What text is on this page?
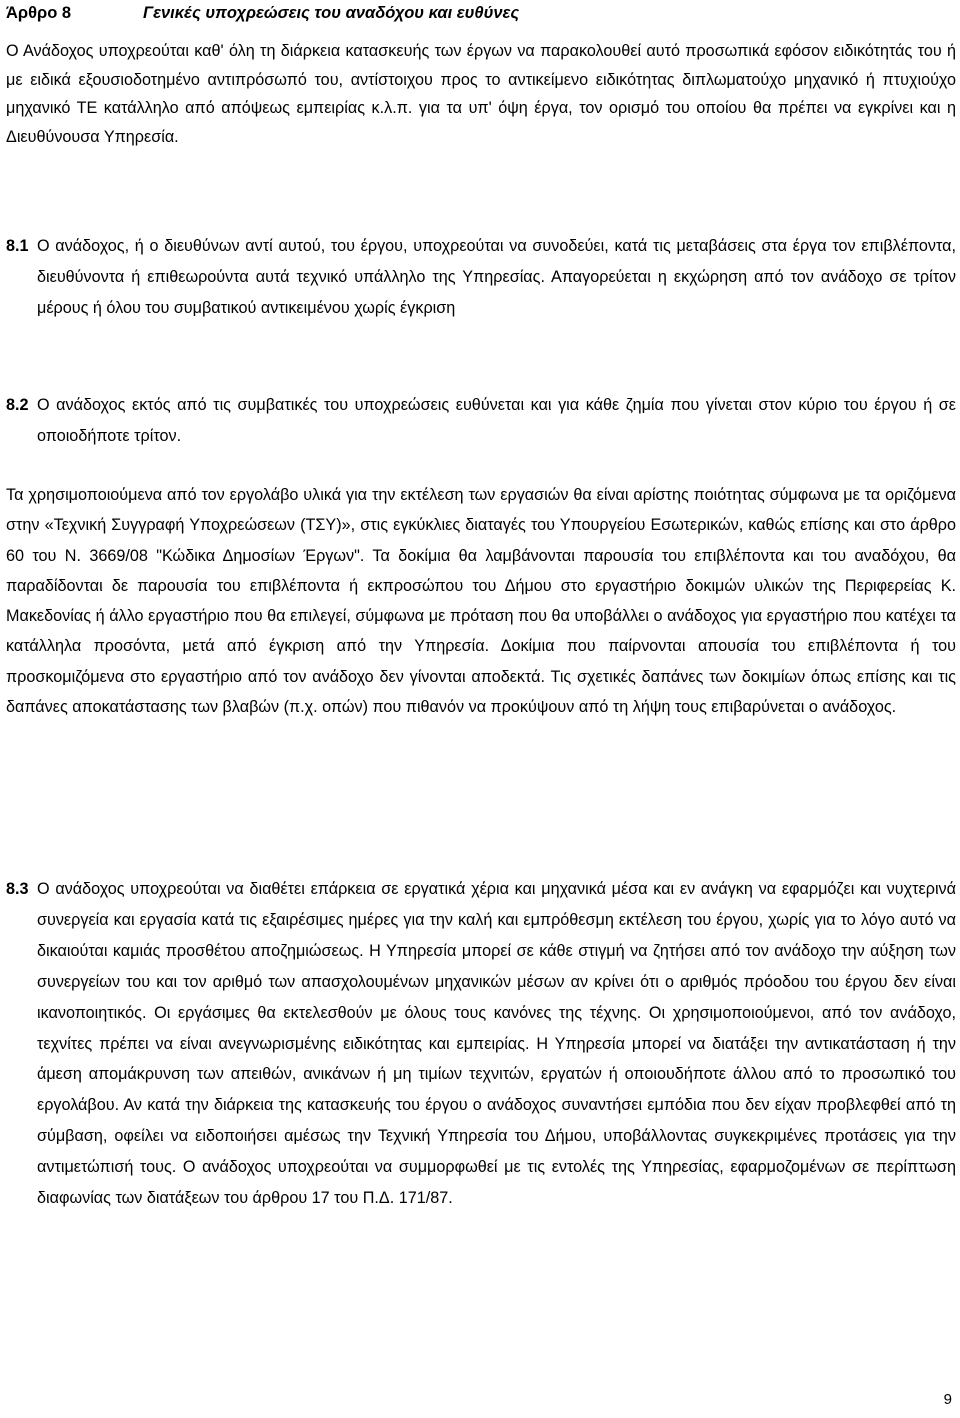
Άρθρο 8	Γενικές υποχρεώσεις του αναδόχου και ευθύνες

Ο Ανάδοχος υποχρεούται καθ' όλη τη διάρκεια κατασκευής των έργων να παρακολουθεί αυτό προσωπικά εφόσον ειδικότητάς του ή με ειδικά εξουσιοδοτημένο αντιπρόσωπό του, αντίστοιχου προς το αντικείμενο ειδικότητας διπλωματούχο μηχανικό ή πτυχιούχο μηχανικό ΤΕ κατάλληλο από απόψεως εμπειρίας κ.λ.π. για τα υπ' όψη έργα, τον ορισμό του οποίου θα πρέπει να εγκρίνει και η Διευθύνουσα Υπηρεσία.

8.1 Ο ανάδοχος, ή ο διευθύνων αντί αυτού, του έργου, υποχρεούται να συνοδεύει, κατά τις μεταβάσεις στα έργα τον επιβλέποντα, διευθύνοντα ή επιθεωρούντα αυτά τεχνικό υπάλληλο της Υπηρεσίας. Απαγορεύεται η εκχώρηση από τον ανάδοχο σε τρίτον μέρους ή όλου του συμβατικού αντικειμένου χωρίς έγκριση
8.2 Ο ανάδοχος εκτός από τις συμβατικές του υποχρεώσεις ευθύνεται και για κάθε ζημία που γίνεται στον κύριο του έργου ή σε οποιοδήποτε τρίτον.

Τα χρησιμοποιούμενα από τον εργολάβο υλικά για την εκτέλεση των εργασιών θα είναι αρίστης ποιότητας σύμφωνα με τα οριζόμενα στην «Τεχνική Συγγραφή Υποχρεώσεων (ΤΣΥ)», στις εγκύκλιες διαταγές του Υπουργείου Εσωτερικών, καθώς επίσης και στο άρθρο 60 του Ν. 3669/08 "Κώδικα Δημοσίων Έργων". Τα δοκίμια θα λαμβάνονται παρουσία του επιβλέποντα και του αναδόχου, θα παραδίδονται δε παρουσία του επιβλέποντα ή εκπροσώπου του Δήμου στο εργαστήριο δοκιμών υλικών της Περιφερείας Κ. Μακεδονίας ή άλλο εργαστήριο που θα επιλεγεί, σύμφωνα με πρόταση που θα υποβάλλει ο ανάδοχος για εργαστήριο που κατέχει τα κατάλληλα προσόντα, μετά από έγκριση από την Υπηρεσία. Δοκίμια που παίρνονται απουσία του επιβλέποντα ή του προσκομιζόμενα στο εργαστήριο από τον ανάδοχο δεν γίνονται αποδεκτά. Τις σχετικές δαπάνες των δοκιμίων όπως επίσης και τις δαπάνες αποκατάστασης των βλαβών (π.χ. οπών) που πιθανόν να προκύψουν από τη λήψη τους επιβαρύνεται ο ανάδοχος.

8.3 Ο ανάδοχος υποχρεούται να διαθέτει επάρκεια σε εργατικά χέρια και μηχανικά μέσα και εν ανάγκη να εφαρμόζει και νυχτερινά συνεργεία και εργασία κατά τις εξαιρέσιμες ημέρες για την καλή και εμπρόθεσμη εκτέλεση του έργου, χωρίς για το λόγο αυτό να δικαιούται καμιάς προσθέτου αποζημιώσεως. Η Υπηρεσία μπορεί σε κάθε στιγμή να ζητήσει από τον ανάδοχο την αύξηση των συνεργείων του και τον αριθμό των απασχολουμένων μηχανικών μέσων αν κρίνει ότι ο αριθμός πρόοδου του έργου δεν είναι ικανοποιητικός. Οι εργάσιμες θα εκτελεσθούν με όλους τους κανόνες της τέχνης. Οι χρησιμοποιούμενοι, από τον ανάδοχο, τεχνίτες πρέπει να είναι ανεγνωρισμένης ειδικότητας και εμπειρίας. Η Υπηρεσία μπορεί να διατάξει την αντικατάσταση ή την άμεση απομάκρυνση των απειθών, ανικάνων ή μη τιμίων τεχνιτών, εργατών ή οποιουδήποτε άλλου από το προσωπικό του εργολάβου. Αν κατά την διάρκεια της κατασκευής του έργου ο ανάδοχος συναντήσει εμπόδια που δεν είχαν προβλεφθεί από τη σύμβαση, οφείλει να ειδοποιήσει αμέσως την Τεχνική Υπηρεσία του Δήμου, υποβάλλοντας συγκεκριμένες προτάσεις για την αντιμετώπισή τους. Ο ανάδοχος υποχρεούται να συμμορφωθεί με τις εντολές της Υπηρεσίας, εφαρμοζομένων σε περίπτωση διαφωνίας των διατάξεων του άρθρου 17 του Π.Δ. 171/87.
9
